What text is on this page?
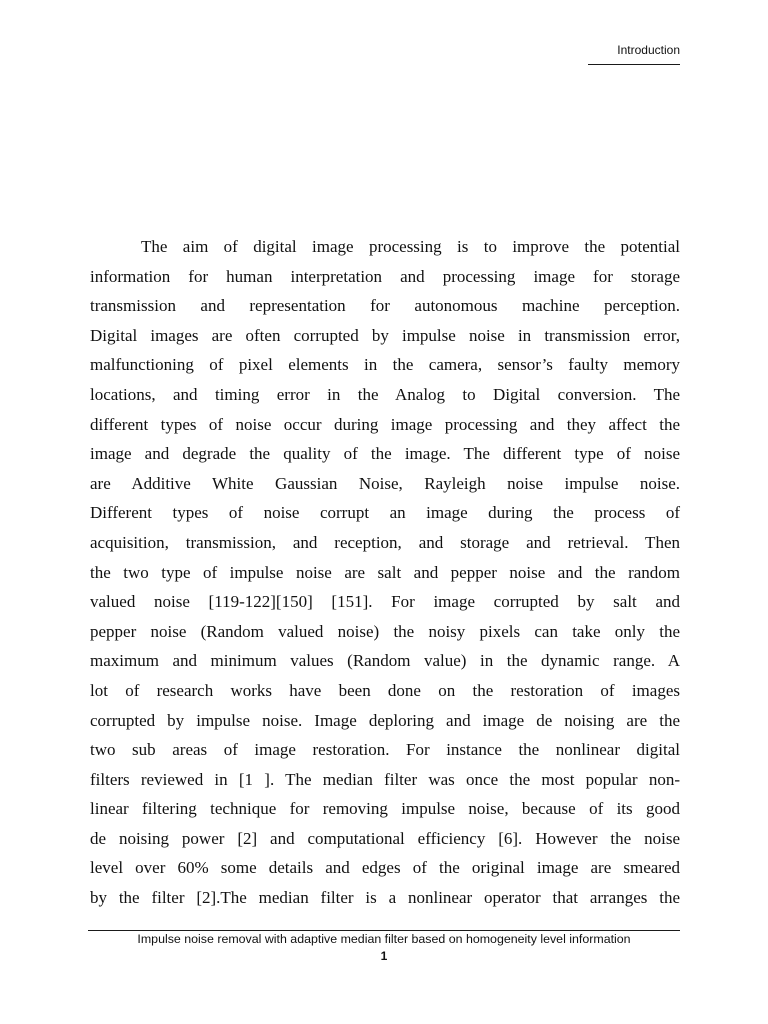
Introduction
The aim of digital image processing is to improve the potential
information for human interpretation and processing image for storage
transmission and representation for autonomous machine perception.
Digital images are often corrupted by impulse noise in transmission error,
malfunctioning of pixel elements in the camera, sensor’s faulty memory
locations, and timing error in the Analog to Digital conversion. The
different types of noise occur during image processing and they affect the
image and degrade the quality of the image. The different type of noise
are Additive White Gaussian Noise, Rayleigh noise impulse noise.
Different types of noise corrupt an image during the process of
acquisition, transmission, and reception, and storage and retrieval. Then
the two type of impulse noise are salt and pepper noise and the random
valued noise [119-122][150] [151]. For image corrupted by salt and
pepper noise (Random valued noise) the noisy pixels can take only the
maximum and minimum values (Random value) in the dynamic range. A
lot of research works have been done on the restoration of images
corrupted by impulse noise. Image deploring and image de noising are the
two sub areas of image restoration. For instance the nonlinear digital
filters reviewed in [1 ]. The median filter was once the most popular non-
linear filtering technique for removing impulse noise, because of its good
de noising power [2] and computational efficiency [6]. However the noise
level over 60% some details and edges of the original image are smeared
by the filter [2].The median filter is a nonlinear operator that arranges the
Impulse noise removal with adaptive median filter based on homogeneity level information
1
